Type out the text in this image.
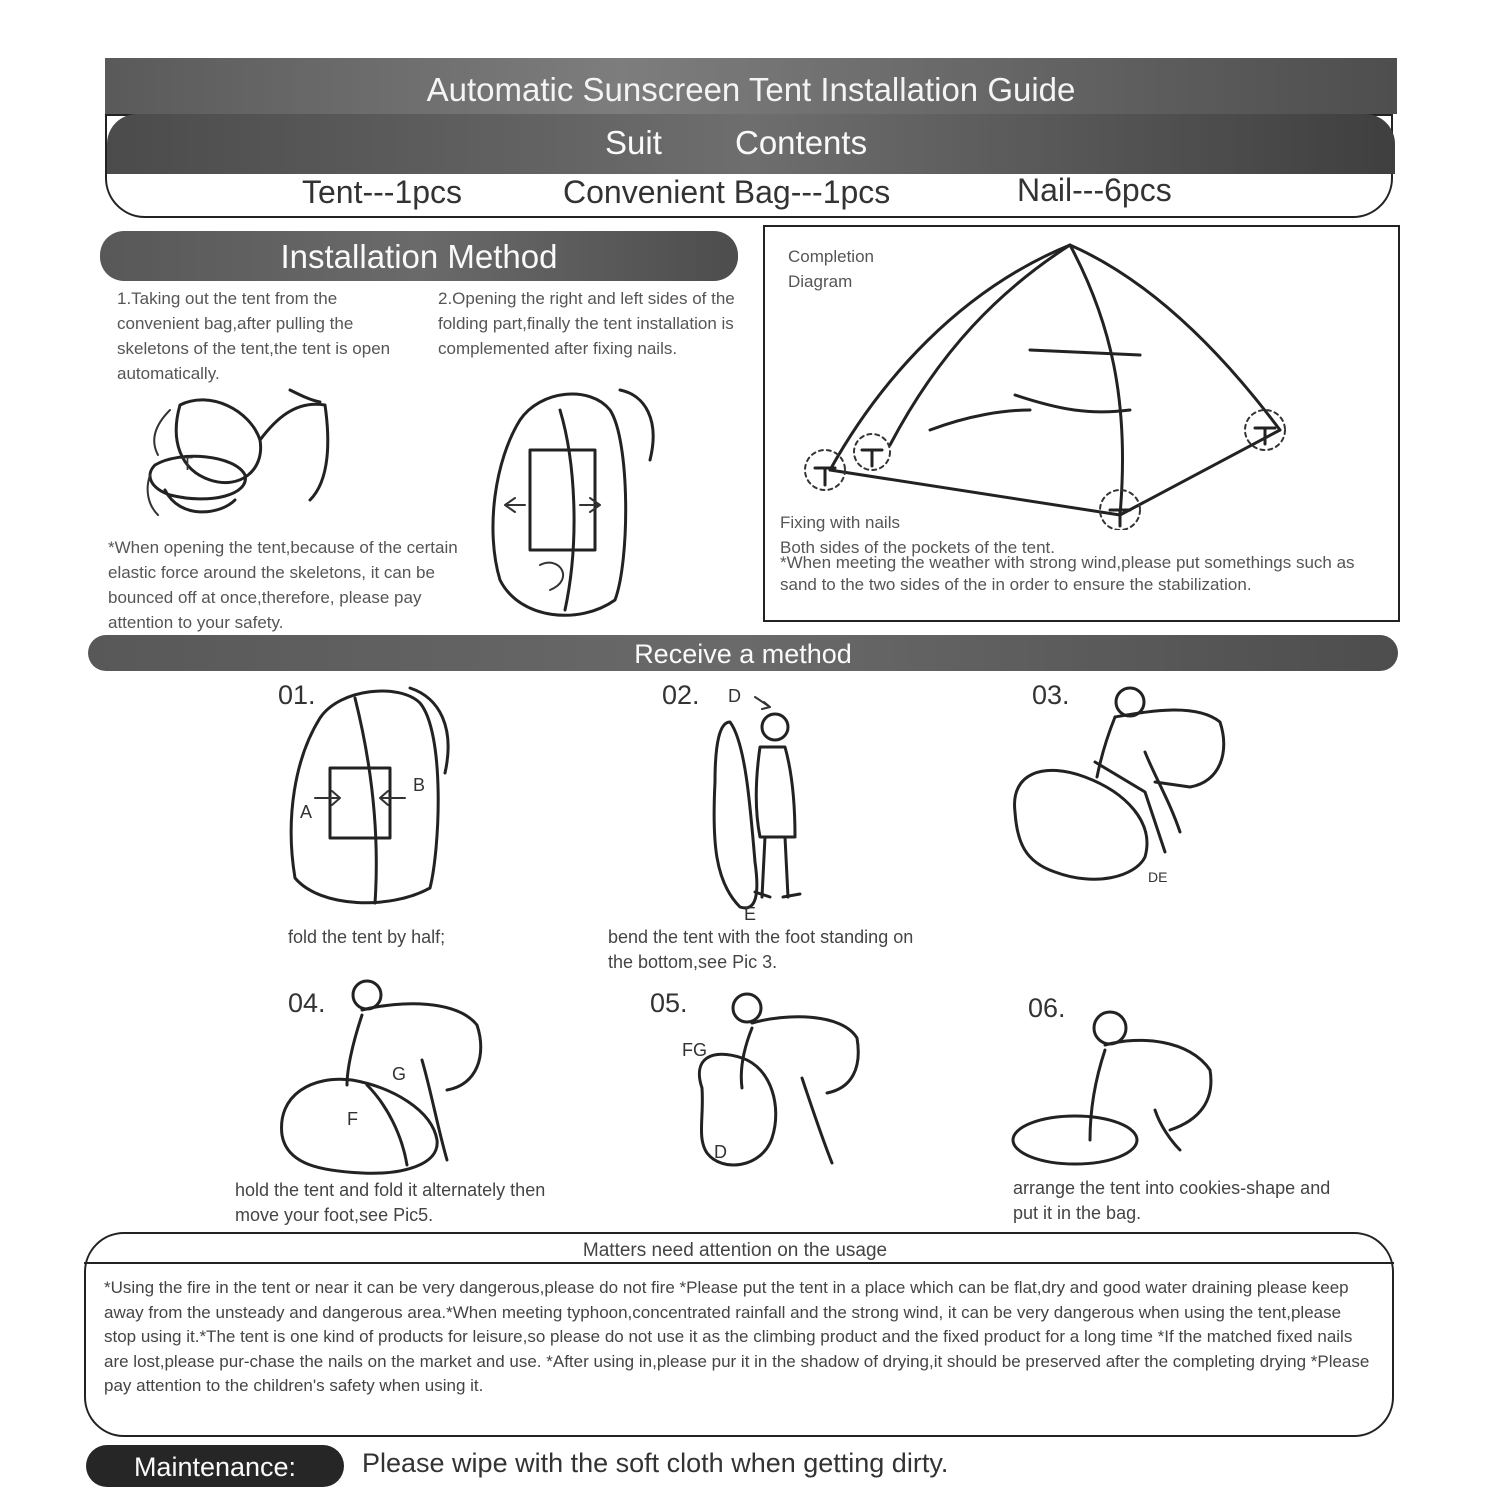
Automatic Sunscreen Tent Installation Guide
Suit Contents
Tent---1pcs	Convenient Bag---1pcs	Nail---6pcs
Installation Method
1.Taking out the tent from the convenient bag,after pulling the skeletons of the tent,the tent is open automatically.
2.Opening the right and left sides of the folding part,finally the tent installation is complemented after fixing nails.
*When opening the tent,because of the certain elastic force around the skeletons, it can be bounced off at once,therefore, please pay attention to your safety.
T
Completion
Diagram
Fixing with nails
Both sides of the pockets of the tent.
*When meeting the weather with strong wind,please put somethings such as sand to the two sides of the in order to ensure the stabilization.
Receive a method
01.
A
B
fold the tent by half;
02. D
E
bend the tent with the foot standing on the bottom,see Pic 3.
03.
DE
04.
G
F
hold the tent and fold it alternately then move your foot,see Pic5.
05.
FG
D
06.
arrange the tent into cookies-shape and put it in the bag.
Matters need attention on the usage
*Using the fire in the tent or near it can be very dangerous,please do not fire *Please put the tent in a place which can be flat,dry and good water draining please keep away from the unsteady and dangerous area.*When meeting typhoon,concentrated rainfall and the strong wind, it can be very dangerous when using the tent,please stop using it.*The tent is one kind of products for leisure,so please do not use it as the climbing product and the fixed product for a long time *If the matched fixed nails are lost,please pur-chase the nails on the market and use. *After using in,please pur it in the shadow of drying,it should be preserved after the completing drying *Please pay attention to the children's safety when using it.
Maintenance:	Please wipe with the soft cloth when getting dirty.
